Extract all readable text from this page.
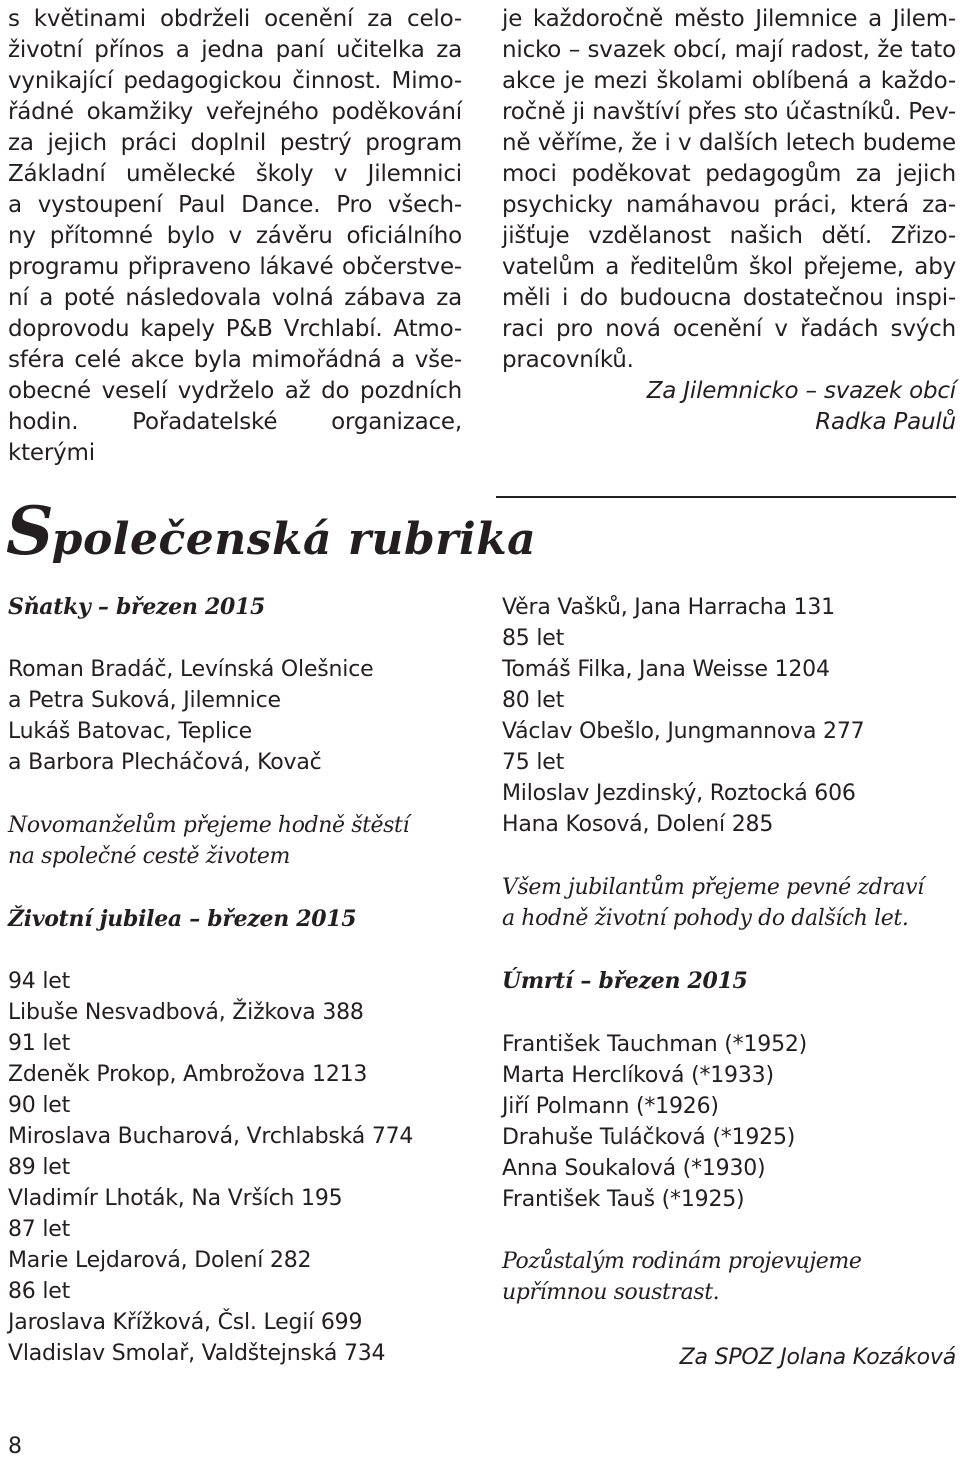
s květinami obdrželi ocenění za celo-
životní přínos a jedna paní učitelka za
vynikající pedagogickou činnost. Mimo-
řádné okamžiky veřejného poděkování
za jejich práci doplnil pestrý program
Základní umělecké školy v Jilemnici
a vystoupení Paul Dance. Pro všech-
ny přítomné bylo v závěru oficiálního
programu připraveno lákavé občerstve-
ní a poté následovala volná zábava za
doprovodu kapely P&B Vrchlabí. Atmo-
sféra celé akce byla mimořádná a vše-
obecné veselí vydrželo až do pozdních
hodin. Pořadatelské organizace, kterými
je každoročně město Jilemnice a Jilem-
nicko – svazek obcí, mají radost, že tato
akce je mezi školami oblíbená a každo-
ročně ji navštíví přes sto účastníků. Pev-
ně věříme, že i v dalších letech budeme
moci poděkovat pedagogům za jejich
psychicky namáhavou práci, která za-
jišťuje vzdělanost našich dětí. Zřizo-
vatelům a ředitelům škol přejeme, aby
měli i do budoucna dostatečnou inspi-
raci pro nová ocenění v řadách svých
pracovníků.
Za Jilemnicko – svazek obcí
Radka Paulů
Společenská rubrika
Sňatky – březen 2015
Roman Bradáč, Levínská Olešnice
a Petra Suková, Jilemnice
Lukáš Batovac, Teplice
a Barbora Plecháčová, Kovač
Novomanželům přejeme hodně štěstí
na společné cestě životem
Životní jubilea – březen 2015
94 let
Libuše Nesvadbová, Žižkova 388
91 let
Zdeněk Prokop, Ambrožova 1213
90 let
Miroslava Bucharová, Vrchlabská 774
89 let
Vladimír Lhoták, Na Vrších 195
87 let
Marie Lejdarová, Dolení 282
86 let
Jaroslava Křížková, Čsl. Legií 699
Vladislav Smolař, Valdštejnská 734
Věra Vašků, Jana Harracha 131
85 let
Tomáš Filka, Jana Weisse 1204
80 let
Václav Obešlo, Jungmannova 277
75 let
Miloslav Jezdinský, Roztocká 606
Hana Kosová, Dolení 285
Všem jubilantům přejeme pevné zdraví
a hodně životní pohody do dalších let.
Úmrtí – březen 2015
František Tauchman (*1952)
Marta Herclíková (*1933)
Jiří Polmann (*1926)
Drahuše Tuláčková (*1925)
Anna Soukalová (*1930)
František Tauš (*1925)
Pozůstalým rodinám projevujeme
upřímnou soustrast.
Za SPOZ Jolana Kozáková
8
